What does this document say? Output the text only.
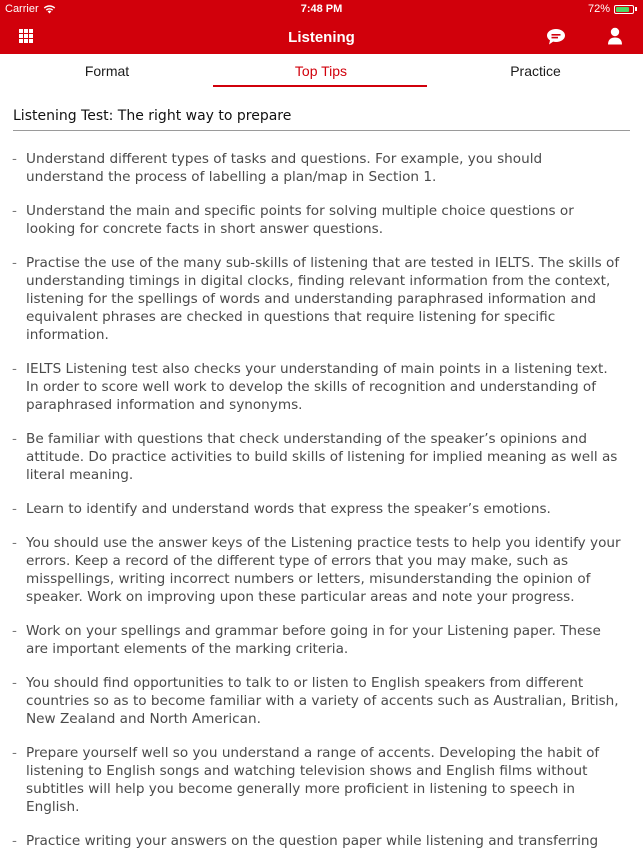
Carrier	7:48 PM	72%
Listening
Format	Top Tips	Practice
Listening Test: The right way to prepare
- Understand different types of tasks and questions. For example, you should
understand the process of labelling a plan/map in Section 1.
- Understand the main and specific points for solving multiple choice questions or
looking for concrete facts in short answer questions.
- Practise the use of the many sub-skills of listening that are tested in IELTS. The skills of
understanding timings in digital clocks, finding relevant information from the context,
listening for the spellings of words and understanding paraphrased information and
equivalent phrases are checked in questions that require listening for specific
information.
- IELTS Listening test also checks your understanding of main points in a listening text.
In order to score well work to develop the skills of recognition and understanding of
paraphrased information and synonyms.
- Be familiar with questions that check understanding of the speaker’s opinions and
attitude. Do practice activities to build skills of listening for implied meaning as well as
literal meaning.
- Learn to identify and understand words that express the speaker’s emotions.
- You should use the answer keys of the Listening practice tests to help you identify your
errors. Keep a record of the different type of errors that you may make, such as
misspellings, writing incorrect numbers or letters, misunderstanding the opinion of
speaker. Work on improving upon these particular areas and note your progress.
- Work on your spellings and grammar before going in for your Listening paper. These
are important elements of the marking criteria.
- You should find opportunities to talk to or listen to English speakers from different
countries so as to become familiar with a variety of accents such as Australian, British,
New Zealand and North American.
- Prepare yourself well so you understand a range of accents. Developing the habit of
listening to English songs and watching television shows and English films without
subtitles will help you become generally more proficient in listening to speech in
English.
- Practice writing your answers on the question paper while listening and transferring
